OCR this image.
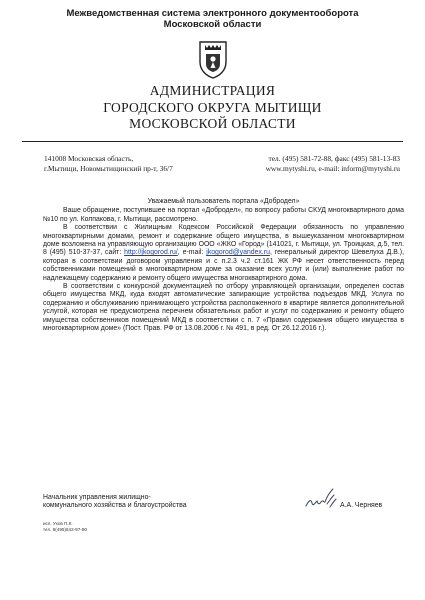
Межведомственная система электронного документооборота
Московской области
АДМИНИСТРАЦИЯ
ГОРОДСКОГО ОКРУГА МЫТИЩИ
МОСКОВСКОЙ ОБЛАСТИ
141008 Московская область,
г.Мытищи, Новомытищинский пр-т, 36/7
тел. (495) 581-72-88, факс (495) 581-13-83
www.mytyshi.ru, e-mail: inform@mytyshi.ru

Уважаемый пользователь портала «Добродел»

Ваше обращение, поступившее на портал «Добродел», по вопросу работы СКУД многоквартирного дома №10 по ул. Колпакова, г. Мытищи, рассмотрено.

В соответствии с Жилищным Кодексом Российской Федерации обязанность по управлению многоквартирными домами, ремонт и содержание общего имущества, в вышеуказанном многоквартирном доме возложена на управляющую организацию ООО «ЖКО «Город» (141021, г. Мытищи, ул. Троицкая, д.5, тел. 8 (495) 510-37-37, сайт: http://jkogorod.ru/, e-mail: jkogorod@yandex.ru, генеральный директор Шевелуха Д.В.), которая в соответствии договором управления и с п.2.3 ч.2 ст.161 ЖК РФ несет ответственность перед собственниками помещений в многоквартирном доме за оказание всех услуг и (или) выполнение работ по надлежащему содержанию и ремонту общего имущества многоквартирного дома.

В соответствии с конкурсной документацией по отбору управляющей организации, определен состав общего имущества МКД, куда входят автоматические запирающие устройства подъездов МКД. Услуга по содержанию и обслуживанию принимающего устройства расположенного в квартире является дополнительной услугой, которая не предусмотрена перечнем обязательных работ и услуг по содержанию и ремонту общего имущества собственников помещений МКД в соответствии с п. 7 «Правил содержания общего имущества в многоквартирном доме» (Пост. Прав. РФ от 13.08.2006 г. № 491, в ред. От 26.12.2016 г.).

Начальник управления жилищно-
коммунального хозяйства и благоустройства	А.А. Черняев
исп. Ухов П.К.
тел. 8(495)642-97-90
